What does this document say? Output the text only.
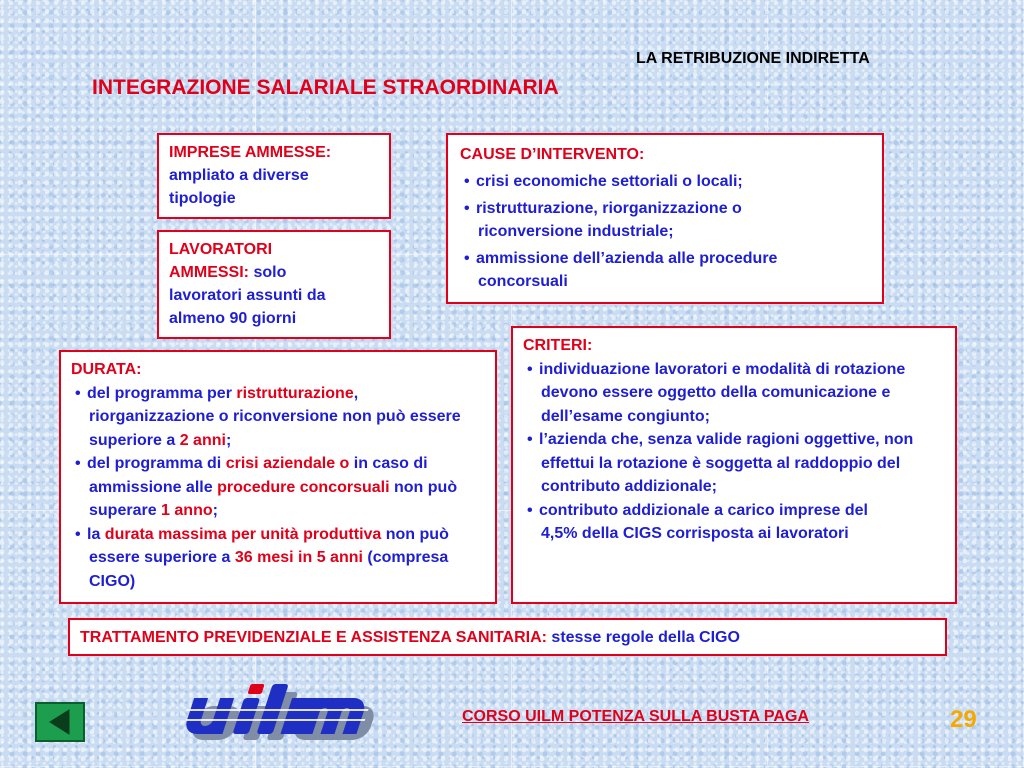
LA RETRIBUZIONE INDIRETTA
INTEGRAZIONE SALARIALE STRAORDINARIA
IMPRESE AMMESSE:
ampliato a diverse tipologie
LAVORATORI
AMMESSI: solo
lavoratori assunti da almeno 90 giorni
CAUSE D’INTERVENTO:
• crisi economiche settoriali o locali;
• ristrutturazione, riorganizzazione o riconversione industriale;
• ammissione dell’azienda alle procedure concorsuali
DURATA:
• del programma per ristrutturazione, riorganizzazione o riconversione non può essere superiore a 2 anni;
• del programma di crisi aziendale o in caso di ammissione alle procedure concorsuali non può superare 1 anno;
• la durata massima per unità produttiva non può essere superiore a 36 mesi in 5 anni (compresa CIGO)
CRITERI:
• individuazione lavoratori e modalità di rotazione devono essere oggetto della comunicazione e dell’esame congiunto;
• l’azienda che, senza valide ragioni oggettive, non effettui la rotazione è soggetta al raddoppio del contributo addizionale;
• contributo addizionale a carico imprese del 4,5% della CIGS corrisposta ai lavoratori
TRATTAMENTO PREVIDENZIALE E ASSISTENZA SANITARIA: stesse regole della CIGO
CORSO UILM POTENZA SULLA BUSTA PAGA	29
